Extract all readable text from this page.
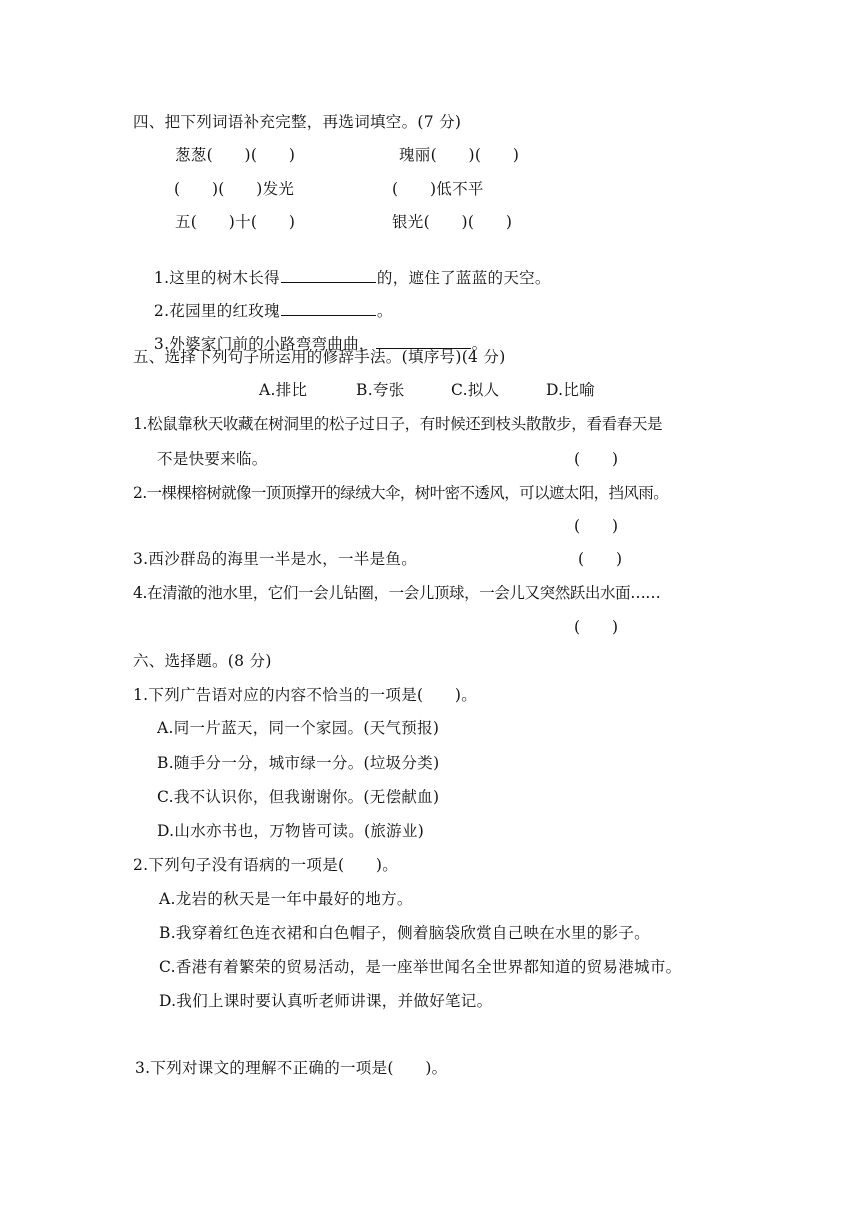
四、把下列词语补充完整，再选词填空。(7 分)
葱葱(　　)(　　)	瑰丽(　　)(　　)
(　　)(　　)发光	(　　)低不平
五(　　)十(　　)	银光(　　)(　　)

1.这里的树木长得	的，遮住了蓝蓝的天空。

2.花园里的红玫瑰	。

3.外婆家门前的小路弯弯曲曲，	。

五、选择下列句子所运用的修辞手法。(填序号)(4 分)
A.排比	B.夸张	C.拟人	D.比喻
1.松鼠靠秋天收藏在树洞里的松子过日子，有时候还到枝头散散步，看看春天是
不是快要来临。	(　　)
2.一棵棵榕树就像一顶顶撑开的绿绒大伞，树叶密不透风，可以遮太阳，挡风雨。
(　　)
3.西沙群岛的海里一半是水，一半是鱼。	(　　)
4.在清澈的池水里，它们一会儿钻圈，一会儿顶球，一会儿又突然跃出水面……
(　　)
六、选择题。(8 分)
1.下列广告语对应的内容不恰当的一项是(　　)。
A.同一片蓝天，同一个家园。(天气预报)
B.随手分一分，城市绿一分。(垃圾分类)
C.我不认识你，但我谢谢你。(无偿献血)
D.山水亦书也，万物皆可读。(旅游业)
2.下列句子没有语病的一项是(　　)。
A.龙岩的秋天是一年中最好的地方。
B.我穿着红色连衣裙和白色帽子，侧着脑袋欣赏自己映在水里的影子。
C.香港有着繁荣的贸易活动，是一座举世闻名全世界都知道的贸易港城市。
D.我们上课时要认真听老师讲课，并做好笔记。
3.下列对课文的理解不正确的一项是(　　)。
